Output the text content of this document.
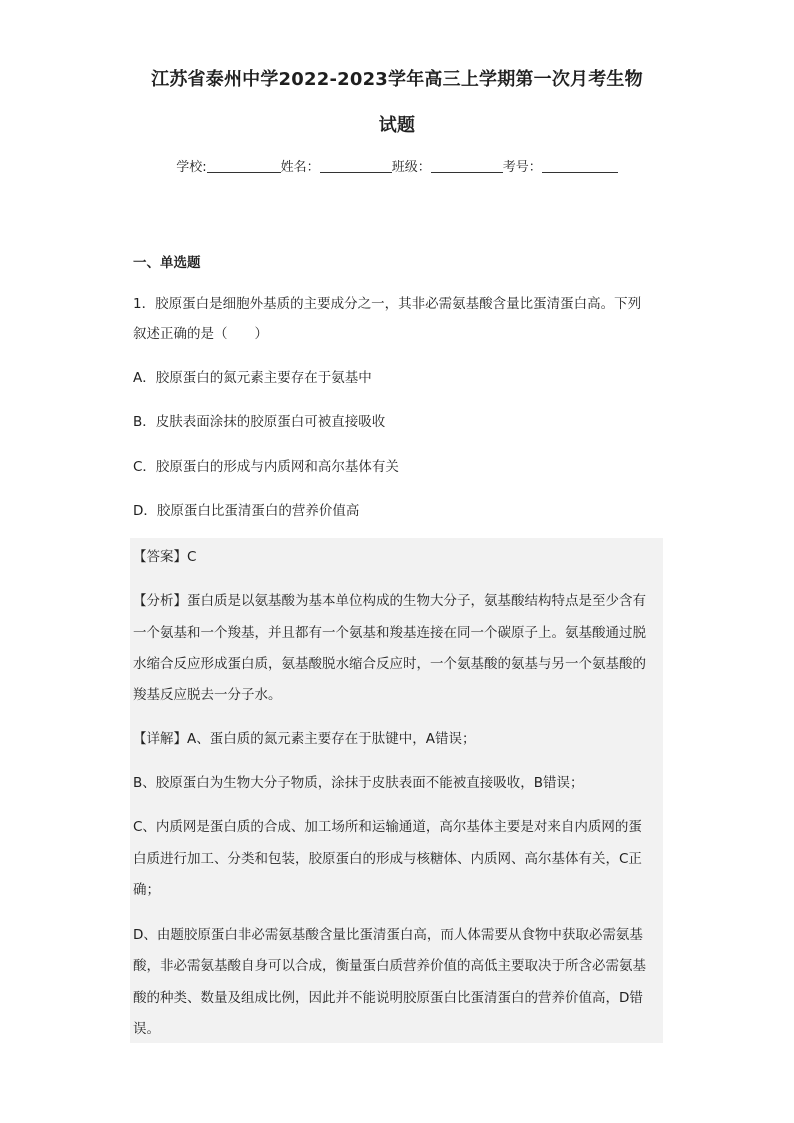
江苏省泰州中学2022-2023学年高三上学期第一次月考生物
试题
学校:	姓名：	班级：	考号：
一、单选题
1．胶原蛋白是细胞外基质的主要成分之一，其非必需氨基酸含量比蛋清蛋白高。下列
叙述正确的是（　　）
A．胶原蛋白的氮元素主要存在于氨基中
B．皮肤表面涂抹的胶原蛋白可被直接吸收
C．胶原蛋白的形成与内质网和高尔基体有关
D．胶原蛋白比蛋清蛋白的营养价值高
【答案】C
【分析】蛋白质是以氨基酸为基本单位构成的生物大分子，氨基酸结构特点是至少含有
一个氨基和一个羧基，并且都有一个氨基和羧基连接在同一个碳原子上。氨基酸通过脱
水缩合反应形成蛋白质，氨基酸脱水缩合反应时，一个氨基酸的氨基与另一个氨基酸的
羧基反应脱去一分子水。
【详解】A、蛋白质的氮元素主要存在于肽键中，A错误；
B、胶原蛋白为生物大分子物质，涂抹于皮肤表面不能被直接吸收，B错误；
C、内质网是蛋白质的合成、加工场所和运输通道，高尔基体主要是对来自内质网的蛋
白质进行加工、分类和包装，胶原蛋白的形成与核糖体、内质网、高尔基体有关，C正
确；
D、由题胶原蛋白非必需氨基酸含量比蛋清蛋白高，而人体需要从食物中获取必需氨基
酸，非必需氨基酸自身可以合成，衡量蛋白质营养价值的高低主要取决于所含必需氨基
酸的种类、数量及组成比例，因此并不能说明胶原蛋白比蛋清蛋白的营养价值高，D错
误。
